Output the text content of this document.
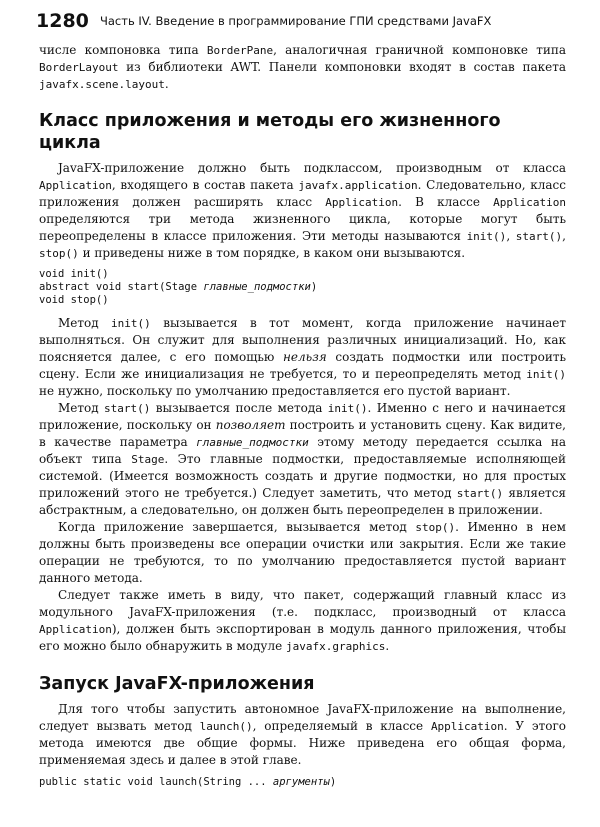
1280 Часть IV. Введение в программирование ГПИ средствами JavaFX

числе компоновка типа BorderPane, аналогичная граничной компоновке типа BorderLayout из библиотеки AWT. Панели компоновки входят в состав пакета javafx.scene.layout.

Класс приложения и методы его жизненного цикла

JavaFX-приложение должно быть подклассом, производным от класса Application, входящего в состав пакета javafx.application. Следовательно, класс приложения должен расширять класс Application. В классе Application определяются три метода жизненного цикла, которые могут быть переопределены в классе приложения. Эти методы называются init(), start(), stop() и приведены ниже в том порядке, в каком они вызываются.

void init()
abstract void start(Stage главные_подмостки)
void stop()

Метод init() вызывается в тот момент, когда приложение начинает выполняться. Он служит для выполнения различных инициализаций. Но, как поясняется далее, с его помощью нельзя создать подмостки или построить сцену. Если же инициализация не требуется, то и переопределять метод init() не нужно, поскольку по умолчанию предоставляется его пустой вариант.

Метод start() вызывается после метода init(). Именно с него и начинается приложение, поскольку он позволяет построить и установить сцену. Как видите, в качестве параметра главные_подмостки этому методу передается ссылка на объект типа Stage. Это главные подмостки, предоставляемые исполняющей системой. (Имеется возможность создать и другие подмостки, но для простых приложений этого не требуется.) Следует заметить, что метод start() является абстрактным, а следовательно, он должен быть переопределен в приложении.

Когда приложение завершается, вызывается метод stop(). Именно в нем должны быть произведены все операции очистки или закрытия. Если же такие операции не требуются, то по умолчанию предоставляется пустой вариант данного метода.

Следует также иметь в виду, что пакет, содержащий главный класс из модульного JavaFX-приложения (т.е. подкласс, производный от класса Application), должен быть экспортирован в модуль данного приложения, чтобы его можно было обнаружить в модуле javafx.graphics.

Запуск JavaFX-приложения

Для того чтобы запустить автономное JavaFX-приложение на выполнение, следует вызвать метод launch(), определяемый в классе Application. У этого метода имеются две общие формы. Ниже приведена его общая форма, применяемая здесь и далее в этой главе.

public static void launch(String ... аргументы)
